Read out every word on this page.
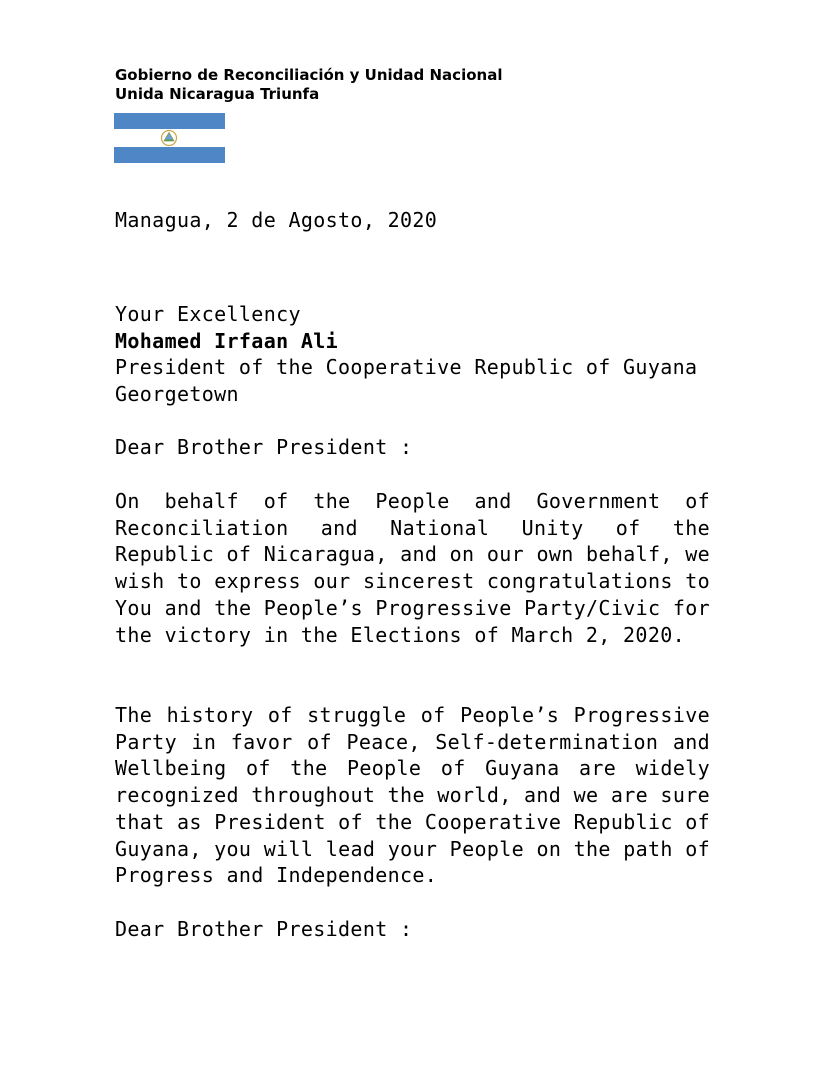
Gobierno de Reconciliación y Unidad Nacional
Unida Nicaragua Triunfa
Managua, 2 de Agosto, 2020
Your Excellency
Mohamed Irfaan Ali
President of the Cooperative Republic of Guyana
Georgetown
Dear Brother President :
On behalf of the People and Government of Reconciliation and National Unity of the Republic of Nicaragua, and on our own behalf, we wish to express our sincerest congratulations to You and the People’s Progressive Party/Civic for the victory in the Elections of March 2, 2020.
The history of struggle of People’s Progressive Party in favor of Peace, Self-determination and Wellbeing of the People of Guyana are widely recognized throughout the world, and we are sure that as President of the Cooperative Republic of Guyana, you will lead your People on the path of Progress and Independence.
Dear Brother President :
